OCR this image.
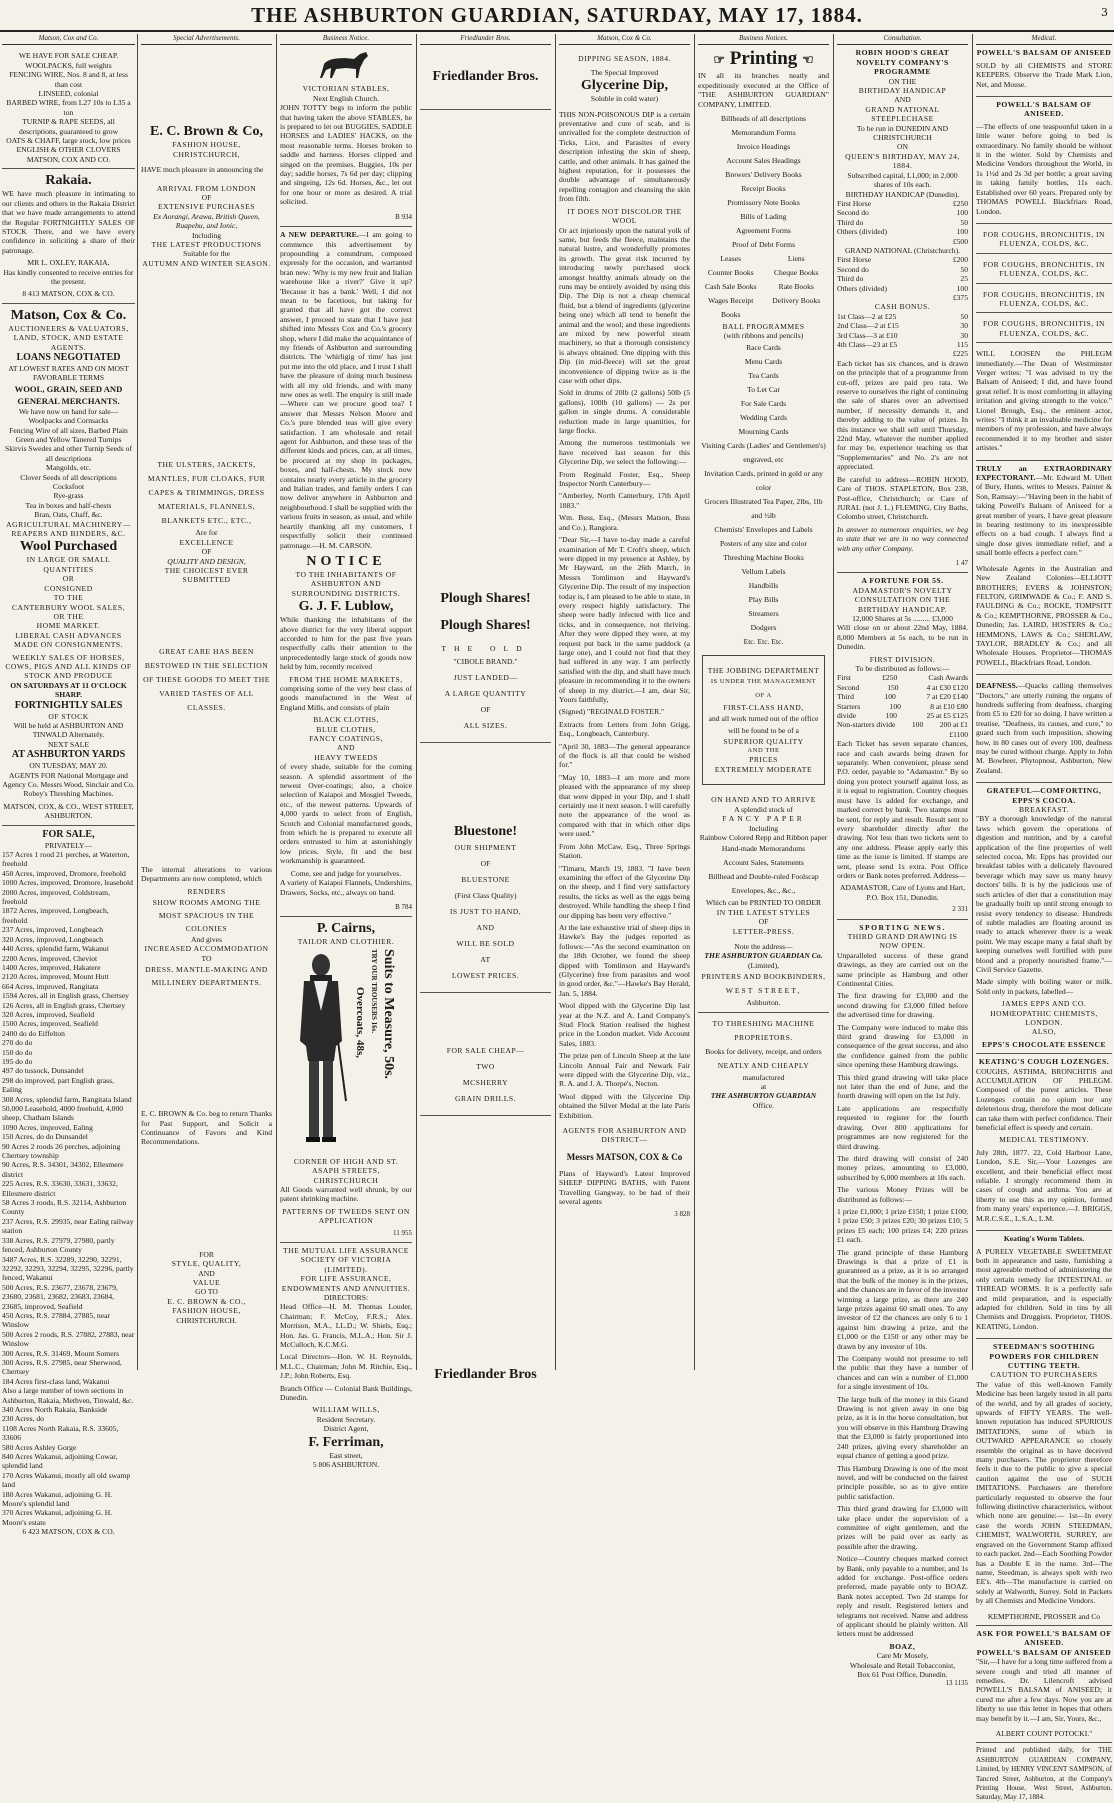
THE ASHBURTON GUARDIAN, SATURDAY, MAY 17, 1884.	3
Matson, Cox and Co.
WE HAVE FOR SALE CHEAP.
WOOLPACKS, full weights
FENCING WIRE, Nos. 8 and 8, at less than cost
LINSEED, colonial
BARBED WIRE, from L27 10s to L35 a ton
TURNIP & RAPE SEEDS, all descriptions, guaranteed to grow
OATS & CHAFF, large stock, low prices
ENGLISH & OTHER CLOVERS
MATSON, COX AND CO.
Rakaia.

WE have much pleasure in intimating to our clients and others in the Rakaia District that we have made arrangements to attend the Regular FORTNIGHTLY SALES OF STOCK There, and we have every confidence in soliciting a share of their patronage.

MR L. OXLEY, RAKAIA,
Has kindly consented to receive entries for the present.
8 413 MATSON, COX & CO.
Matson, Cox & Co.
AUCTIONEERS & VALUATORS, LAND, STOCK, AND ESTATE AGENTS.
LOANS NEGOTIATED
AT LOWEST RATES AND ON MOST FAVORABLE TERMS
WOOL, GRAIN, SEED AND GENERAL MERCHANTS.
We have now on hand for sale—
Woolpacks and Cornsacks
Fencing Wire of all sizes, Barbed Plain
Green and Yellow Tanered Turnips
Skirvis Swedes and other Turnip Seeds of all descriptions
Mangolds, etc.
Clover Seeds of all descriptions
Cocksfoot
Rye-grass
Tea in boxes and half-chests
Bran, Oats, Chaff, &c.
AGRICULTURAL MACHINERY—REAPERS AND BINDERS, &C.
Wool Purchased
IN LARGE OR SMALL QUANTITIES
OR
CONSIGNED
TO THE
CANTERBURY WOOL SALES,
OR THE
HOME MARKET.
LIBERAL CASH ADVANCES MADE ON CONSIGNMENTS.
WEEKLY SALES OF HORSES, COWS, PIGS AND ALL KINDS OF STOCK AND PRODUCE
ON SATURDAYS AT 11 O'CLOCK SHARP.
FORTNIGHTLY SALES
OF STOCK
Will be held at ASHBURTON AND TINWALD Alternately.
NEXT SALE
AT ASHBURTON YARDS
ON TUESDAY, MAY 20.
AGENTS FOR National Mortgage and Agency Co. Messrs Wood, Sinclair and Co. Robey's Threshing Machines.
MATSON, COX, & CO., WEST STREET, ASHBURTON.
FOR SALE,
PRIVATELY—
157 Acres 1 rood 21 perches, at Waterton, freehold
450 Acres, improved, Dromore, freehold
1000 Acres, improved, Dromore, leasehold
2000 Acres, improved, Coldstream, freehold
1872 Acres, improved, Longbeach, freehold
237 Acres, improved, Longbeach
320 Acres, improved, Longbeach
440 Acres, splendid farm, Wakanui
2200 Acres, improved, Cheviot
1400 Acres, improved, Hakatere
2120 Acres, improved, Mount Hutt
664 Acres, improved, Rangitata
1594 Acres, all in English grass, Chertsey
126 Acres, all in English grass, Chertsey
320 Acres, improved, Seafield
1500 Acres, improved, Seafield
2400 do do Eiffelton
270 do do
150 do do
195 do do
497 do tussock, Dunsandel
298 do improved, part English grass, Ealing
308 Acres, splendid farm, Rangitata Island
50,000 Leasehold, 4000 freehold, 4,000 sheep, Chatham Islands
1090 Acres, improved, Ealing
150 Acres, do do Dunsandel
90 Acres 2 roods 26 perches, adjoining Chertsey township
90 Acres, R.S. 34301, 34302, Ellesmere district
225 Acres, R.S. 33630, 33631, 33632, Ellesmere district
58 Acres 3 roods, R.S. 32114, Ashburton County
237 Acres, R.S. 29935, near Ealing railway station
338 Acres, R.S. 27979, 27980, partly fenced, Ashburton County
3487 Acres, R.S. 32289, 32290, 32291, 32292, 32293, 32294, 32295, 32296, partly fenced, Wakanui
500 Acres, R.S. 23677, 23678, 23679, 23680, 23681, 23682, 23683, 23684, 23685, improved, Seafield
450 Acres, R.S. 27884, 27885, near Winslow
500 Acres 2 roods, R.S. 27882, 27883, near Winslow
300 Acres, R.S. 31469, Mount Somers
300 Acres, R.S. 27985, near Sherwood, Chertsey
184 Acres first-class land, Wakanui
Also a large number of town sections in Ashburton, Rakaia, Methven, Tinwald, &c.
340 Acres North Rakaia, Bankside
230 Acres, do
1108 Acres North Rakaia, R.S. 33605, 33606
580 Acres Ashley Gorge
840 Acres Wakanui, adjoining Cowar, splendid land
170 Acres Wakanui, mostly all old swamp land
180 Acres Wakanui, adjoining G. H. Moore's splendid land
370 Acres Wakanui, adjoining G. H. Moore's estate
6 423 MATSON, COX & CO.
Special Advertisements.
E. C. Brown & Co,
FASHION HOUSE,
CHRISTCHURCH,

HAVE much pleasure in announcing the

ARRIVAL FROM LONDON
OF
EXTENSIVE PURCHASES
Ex Aorangi, Arawa, British Queen, Ruapehu, and Ionic,
Including
THE LATEST PRODUCTIONS
Suitable for the
AUTUMN AND WINTER SEASON.
THE ULSTERS, JACKETS, MANTLES, FUR CLOAKS, FUR CAPES & TRIMMINGS, DRESS MATERIALS, FLANNELS, BLANKETS ETC., ETC.,
Are for
EXCELLENCE
OF
QUALITY AND DESIGN,
THE CHOICEST EVER SUBMITTED
GREAT CARE HAS BEEN BESTOWED IN THE SELECTION OF THESE GOODS TO MEET THE VARIED TASTES OF ALL CLASSES.

The internal alterations to various Departments are now completed, which

RENDERS
SHOW ROOMS AMONG THE MOST SPACIOUS IN THE COLONIES
And gives
INCREASED ACCOMMODATION
TO
DRESS, MANTLE-MAKING AND MILLINERY DEPARTMENTS.

E. C. BROWN & Co. beg to return Thanks for Past Support, and Solicit a Continuance of Favors and Kind Recommendations.

FOR
STYLE, QUALITY,
AND
VALUE
GO TO
E. C. BROWN & CO.,
FASHION HOUSE,
CHRISTCHURCH.
Business Notice.
VICTORIAN STABLES,
Next English Church.

JOHN TOTTY begs to inform the public that having taken the above STABLES, he is prepared to let out BUGGIES, SADDLE HORSES and LADIES' HACKS, on the most reasonable terms. Horses broken to saddle and harness. Horses clipped and singed on the premises. Buggies, 10s per day; saddle horses, 7s 6d per day; clipping and singeing, 12s 6d. Horses, &c., let out for one hour or more as desired. A trial solicited.

B 934

A NEW DEPARTURE.—I am going to commence this advertisement by propounding a conundrum, composed expressly for the occasion, and warranted bran new: 'Why is my new fruit and Italian warehouse like a river?' Give it up? 'Because it has a bank.' Well, I did not mean to be facetious, but taking for granted that all have got the correct answer, I proceed to state that I have just shifted into Messrs Cox and Co.'s grocery shop, where I did make the acquaintance of my friends of Ashburton and surrounding districts. The 'whirligig of time' has just put me into the old place, and I trust I shall have the pleasure of doing much business with all my old friends, and with many new ones as well. The enquiry is still made—Where can we procure good tea? I answer that Messrs Nelson Moore and Co.'s pure blended teas will give every satisfaction. I am wholesale and retail agent for Ashburton, and these teas of the different kinds and prices, can, at all times, be procured at my shop in packages, boxes, and half-chests. My stock now contains nearly every article in the grocery and Italian trades, and family orders I can now deliver anywhere in Ashburton and neighbourhood. I shall be supplied with the various fruits in season, as usual, and while heartily thanking all my customers, I respectfully solicit their continued patronage.—H. M. CARSON.

NOTICE
TO THE INHABITANTS OF ASHBURTON AND SURROUNDING DISTRICTS.
G. J. F. Lublow,

While thanking the inhabitants of the above district for the very liberal support accorded to him for the past five years respectfully calls their attention to the unprecedentedly large stock of goods now held by him, recently received

FROM THE HOME MARKETS,

comprising some of the very best class of goods manufactured in the West of England Mills, and consists of plain

BLACK CLOTHS,
BLUE CLOTHS,
FANCY COATINGS,
AND
HEAVY TWEEDS

of every shade, suitable for the coming season. A splendid assortment of the newest Over-coatings; also, a choice selection of Kaiapoi and Mosgiel Tweeds, etc., of the newest patterns. Upwards of 4,000 yards to select from of English, Scotch and Colonial manufactured goods, from which he is prepared to execute all orders entrusted to him at astonishingly low prices. Style, fit and the best workmanship is guaranteed.

Come, see and judge for yourselves.

A variety of Kaiapoi Flannels, Undershirts, Drawers, Socks, etc., always on hand.

B 784
P. Cairns,
TAILOR AND CLOTHIER.
Suits to Measure, 50s.
TRY OUR TROUSERS 16s.
Overcoats, 48s,
CORNER OF HIGH AND ST. ASAPH STREETS,
CHRISTCHURCH

All Goods warranted well shrunk, by our patent shrinking machine.

PATTERNS OF TWEEDS SENT ON APPLICATION
11 955
THE MUTUAL LIFE ASSURANCE SOCIETY OF VICTORIA (LIMITED).
FOR LIFE ASSURANCE, ENDOWMENTS AND ANNUITIES.
DIRECTORS:

Head Office—H. M. Thomas Louder, Chairman; F. McCoy, F.R.S.; Alex. Morrison, M.A., LL.D.; W. Shiels, Esq.; Hon. Jas. G. Francis, M.L.A.; Hon. Sir J. McCulloch, K.C.M.G.

Local Directors—Hon. W. H. Reynolds, M.L.C., Chairman; John M. Ritchie, Esq., J.P.; John Roberts, Esq.

Branch Office — Colonial Bank Buildings, Dunedin.

WILLIAM WILLS,
Resident Secretary.
District Agent,
F. Ferriman,
East street,
5 806 ASHBURTON.
Friedlander Bros.
Friedlander Bros.
Plough Shares!
Plough Shares!
THE OLD
"CIBOLE BRAND."
JUST LANDED—
A LARGE QUANTITY
OF
ALL SIZES.
Bluestone!
OUR SHIPMENT
OF
BLUESTONE
(First Class Quality)
IS JUST TO HAND,
AND
WILL BE SOLD
AT
LOWEST PRICES.
FOR SALE CHEAP—
TWO
MCSHERRY
GRAIN DRILLS.
Friedlander Bros
Matson, Cox & Co.
DIPPING SEASON, 1884.
The Special Improved
Glycerine Dip,
Soluble in cold water)

THIS NON-POISONOUS DIP is a certain preventative and cure of scab, and is unrivalled for the complete destruction of Ticks, Lice, and Parasites of every description infesting the skin of sheep, cattle, and other animals. It has gained the highest reputation, for it possesses the double advantage of simultaneously repelling contagion and cleansing the skin from filth.

IT DOES NOT DISCOLOR THE WOOL

Or act injuriously upon the natural yolk of same, but feeds the fleece, maintains the natural lustre, and wonderfully promotes its growth. The great risk incurred by introducing newly purchased stock amongst healthy animals already on the runs may be entirely avoided by using this Dip. The Dip is not a cheap chemical fluid, but a blend of ingredients (glycerine being one) which all tend to benefit the animal and the wool; and these ingredients are mixed by new powerful steam machinery, so that a thorough consistency is always obtained. One dipping with this Dip (in mid-fleece) will set the great inconvenience of dipping twice as is the case with other dips.

Sold in drums of 20lb (2 gallons) 50lb (5 gallons), 100lb (10 gallons) — 2s per gallon in single drums. A considerable reduction made in large quantities, for large flocks.

Among the numerous testimonials we have received last season for this Glycerine Dip, we select the following:—

From Reginald Foster, Esq., Sheep Inspector North Canterbury—

"Amberley, North Canterbury, 17th April 1883."

Wm. Buss, Esq., (Messrs Matson, Buss and Co.), Rangiora.

"Dear Sir,—I have to-day made a careful examination of Mr T. Croft's sheep, which were dipped in my presence at Ashley, by Mr Hayward, on the 26th March, in Messrs Tomlinson and Hayward's Glycerine Dip. The result of my inspection today is, I am pleased to be able to state, in every respect highly satisfactory. The sheep were badly infected with lice and ticks, and in consequence, not thriving. After they were dipped they were, at my request put back in the same paddock (a large one), and I could not find that they had suffered in any way. I am perfectly satisfied with the dip, and shall have much pleasure in recommending it to the owners of sheep in my district.—I am, dear Sir, Yours faithfully,

(Signed) "REGINALD FOSTER."

Extracts from Letters from John Grigg, Esq., Longbeach, Canterbury.

"April 30, 1883—The general appearance of the flock is all that could be wished for."

"May 10, 1883—I am more and more pleased with the appearance of my sheep that were dipped in your Dip, and I shall certainly use it next season. I will carefully note the appearance of the wool as compared with that in which other dips were used."

From John McCaw, Esq., Three Springs Station.

"Timaru, March 19, 1883. "I have been examining the effect of the Glycerine Dip on the sheep, and I find very satisfactory results, the ticks as well as the eggs being destroyed. While handling the sheep I find our dipping has been very effective."

At the late exhaustive trial of sheep dips in Hawke's Bay the judges reported as follows:—"As the second examination on the 18th October, we found the sheep dipped with Tomlinson and Hayward's (Glycerine) free from parasites and wool in good order, &c."—Hawke's Bay Herald, Jan. 5, 1884.

Wool dipped with the Glycerine Dip last year at the N.Z. and A. Land Company's Stud Flock Station realised the highest price in the London market. Vide Account Sales, 1883.

The prize pen of Lincoln Sheep at the late Lincoln Annual Fair and Newark Fair were dipped with the Glycerine Dip, viz., R. A. and J. A. Thorpe's, Necton.

Wool dipped with the Glycerine Dip obtained the Silver Medal at the late Paris Exhibition.

AGENTS FOR ASHBURTON AND DISTRICT—
Messrs MATSON, COX & Co

Plans of Hayward's Latest Improved SHEEP DIPPING BATHS, with Patent Travelling Gangway, to be had of their several agents

3 828
Business Notices.
☞ Printing ☜

IN all its branches neatly and expeditiously executed at the Office of "THE ASHBURTON GUARDIAN" COMPANY, LIMITED.

Billheads of all descriptions
Memorandum Forms
Invoice Headings
Account Sales Headings
Brewers' Delivery Books
Receipt Books
Promissory Note Books
Bills of Lading
Agreement Forms
Proof of Debt Forms
Leases	Liens
Counter Books	Cheque Books
Cash Sale Books	Rate Books
Wages Receipt Books
Delivery Books
BALL PROGRAMMES
(with ribbons and pencils)
Race Cards
Menu Cards
Tea Cards
To Let Car
For Sale Cards
Wedding Cards
Mourning Cards
Visiting Cards (Ladies' and Gentlemen's)
engraved, etc
Invitation Cards, printed in gold or any color
Grocers Illustrated Tea Paper, 2lbs, 1lb and ½lb
Chemists' Envelopes and Labels
Posters of any size and color
Threshing Machine Books
Vellum Labels
Handbills
Play Bills
Streamers
Dodgers
Etc. Etc. Etc.
THE JOBBING DEPARTMENT
IS UNDER THE MANAGEMENT OF A
FIRST-CLASS HAND,
and all work turned out of the office will be found to be of a
SUPERIOR QUALITY
AND THE
PRICES
EXTREMELY MODERATE
ON HAND AND TO ARRIVE
A splendid stock of
FANCY PAPER
Including
Rainbow Colored Repp and Ribbon paper
Hand-made Memorandums
Account Sales, Statements
Billhead and Double-ruled Foolscap
Envelopes, &c., &c.,
Which can be PRINTED TO ORDER
IN THE LATEST STYLES
OF
LETTER-PRESS.
Note the address—
THE ASHBURTON GUARDIAN Co.
(Limited),
PRINTERS AND BOOKBINDERS,
WEST STREET,
Ashburton.
TO THRESHING MACHINE PROPRIETORS.
Books for delivery, receipt, and orders
NEATLY AND CHEAPLY
manufactured
at
THE ASHBURTON GUARDIAN
Office.
Consultation.
ROBIN HOOD'S GREAT NOVELTY COMPANY'S PROGRAMME
ON THE
BIRTHDAY HANDICAP
AND
GRAND NATIONAL STEEPLECHASE
To be run in DUNEDIN AND CHRISTCHURCH
ON
QUEEN'S BIRTHDAY, MAY 24, 1884.
Subscribed capital, L1,000; in 2,000 shares of 10s each.
BIRTHDAY HANDICAP (Dunedin).
First Horse	£250
Second do	100
Third do	50
Others (divided)	100
£500
GRAND NATIONAL (Christchurch).
First Horse	£200
Second do	50
Third do	25
Others (divided)	100
£375
CASH BONUS.
1st Class—2 at £25	50
2nd Class—2 at £15	30
3rd Class—3 at £10	30
4th Class—23 at £5	115
£225

Each ticket has six chances, and is drawn on the principle that of a programme from cut-off, prizes are paid pro rata. We reserve to ourselves the right of continuing the sale of shares over an advertised number, if necessity demands it, and thereby adding to the value of prizes. In this instance we shall sell until Thursday, 22nd May, whatever the number applied for may be, experience teaching us that "Supplementaries" and No. 2's are not appreciated.

Be careful to address—ROBIN HOOD, Care of THOS. STAPLETON, Box 238, Post-office, Christchurch; or Care of JURAL (not J. L.) FLEMING, City Baths, Colombo street, Christchurch.

In answer to numerous enquiries, we beg to state that we are in no way connected with any other Company.

1 47
A FORTUNE FOR 5S.
ADAMASTOR'S NOVELTY CONSULTATION ON THE BIRTHDAY HANDICAP.
12,000 Shares at 5s ......... £3,000

Will close on or about 22nd May, 1884. 8,000 Members at 5s each, to be run in Dunedin.

FIRST DIVISION.
To be distributed as follows:—
First	£250	Cash Awards
Second	150	4 at £30 £120
Third	100	7 at £20 £140
Starters	100	8 at £10 £80
divide	100	25 at £5 £125
Non-starters divide 100 200 at £1
£1100

Each Ticket has seven separate chances, race and cash awards being drawn for separately. When convenient, please send P.O. order, payable to "Adamastor." By so doing you protect yourself against loss, as it is equal to registration. Country cheques must have 1s added for exchange, and marked correct by bank. Two stamps must be sent, for reply and result. Result sent to every shareholder directly after the drawing. Not less than two tickets sent to any one address. Please apply early this time as the issue is limited. If stamps are sent, please send 1s extra. Post Office orders or Bank notes preferred. Address—

ADAMASTOR, Care of Lyons and Hart, P.O. Box 151, Dunedin.
2 331
SPORTING NEWS.
THIRD GRAND DRAWING IS NOW OPEN.

Unparalleled success of these grand drawings, as they are carried out on the same principle as Hamburg and other Continental Cities.

The first drawing for £3,000 and the second drawing for £3,000 filled before the advertised time for drawing.

The Company were induced to make this third grand drawing for £3,000 in consequence of the great success, and also the confidence gained from the public since opening these Hamburg drawings.

This third grand drawing will take place not later than the end of June, and the fourth drawing will open on the 1st July.

Late applications are respectfully requested to register for the fourth drawing. Over 800 applications for programmes are now registered for the third drawing.

The third drawing will consist of 240 money prizes, amounting to £3,000, subscribed by 6,000 members at 10s each.

The various Money Prizes will be distributed as follows:—

1 prize £1,000; 1 prize £150; 1 prize £100; 1 prize £50; 3 prizes £20; 30 prizes £10; 5 prizes £5 each; 100 prizes £4; 220 prizes £1 each.

The grand principle of these Hamburg Drawings is that a prize of £1 is guaranteed as a prize, as it is so arranged that the bulk of the money is in the prizes, and the chances are in favor of the investor winning a large prize, as there are 240 large prizes against 60 small ones. To any investor of £2 the chances are only 6 to 1 against him drawing a prize, and the £1,000 or the £150 or any other may be drawn by any investor of 10s.

The Company would not presume to tell the public that they have a number of chances and can win a number of £1,000 for a single investment of 10s.

The large bulk of the money in this Grand Drawing is not given away in one big prize, as it is in the horse consultation, but you will observe in this Hamburg Drawing that the £3,000 is fairly proportioned into 240 prizes, giving every shareholder an equal chance of getting a good prize.

This Hamburg Drawing is one of the most novel, and will be conducted on the fairest principle possible, so as to give entire public satisfaction.

This third grand drawing for £3,000 will take place under the supervision of a committee of eight gentlemen, and the prizes will be paid over as early as possible after the drawing.

Notice—Country cheques marked correct by Bank, only payable to a number, and 1s added for exchange. Post-office orders preferred, made payable only to BOAZ. Bank notes accepted. Two 2d stamps for reply and result. Registered letters and telegrams not received. Name and address of applicant should be plainly written. All letters must be addressed

BOAZ,
Care Mr Mosely,
Wholesale and Retail Tobacconist,
Box 61 Post Office, Dunedin.
13 1135
Medical.
POWELL'S BALSAM OF ANISEED

SOLD by all CHEMISTS and STORE KEEPERS. Observe the Trade Mark Lion, Net, and Mouse.

POWELL'S BALSAM OF ANISEED.

—The effects of one teaspoonful taken in a little water before going to bed is extraordinary. No family should be without it in the winter. Sold by Chemists and Medicine Vendors throughout the World, in 1s 1½d and 2s 3d per bottle; a great saving in taking family bottles, 11s each. Established over 60 years. Prepared only by THOMAS POWELL Blackfriars Road, London.

FOR COUGHS, BRONCHITIS, IN FLUENZA, COLDS, &C.
FOR COUGHS, BRONCHITIS, IN FLUENZA, COLDS, &C.
FOR COUGHS, BRONCHITIS, IN FLUENZA, COLDS, &C.
FOR COUGHS, BRONCHITIS, IN FLUENZA, COLDS, &C.

WILL LOOSEN the PHLEGM immediately.—The Dean of Westminster Verger writes: "I was advised to try the Balsam of Aniseed; I did, and have found great relief. It is most comforting in allaying irritation and giving strength to the voice." Lionel Brough, Esq., the eminent actor, writes: "I think it an invaluable medicine for members of my profession, and have always recommended it to my brother and sister artistes."

TRULY an EXTRAORDINARY EXPECTORANT.—Mr. Edward M. Ullett of Bury, Hunts, writes to Messrs. Painter & Son, Ramsay:—"Having been in the habit of taking Powell's Balsam of Aniseed for a great number of years, I have great pleasure in bearing testimony to its inexpressible effects on a bad cough. I always find a single dose gives immediate relief, and a small bottle effects a perfect cure."

Wholesale Agents in the Australian and New Zealand Colonies—ELLIOTT BROTHERS; EVERS & JOHNSTON; FELTON, GRIMWADE & Co.; F. AND S. FAULDING & Co.; ROCKE, TOMPSITT & Co.; KEMPTHORNE, PROSSER & Co., Dunedin; Jas. LAIRD, HOSTERS & Co.; HEMMONS, LAWS & Co.; SHERLAW, TAYLOR, BRADLEY & Co.; and all Wholesale Houses. Proprietor—THOMAS POWELL, Blackfriars Road, London.

DEAFNESS.—Quacks calling themselves "Doctors," are utterly ruining the organs of hundreds suffering from deafness, charging from £5 to £20 for so doing. I have written a treatise, "Deafness, its causes, and cure," to guard such from such imposition, showing how, in 80 cases out of every 100, deafness may be cured without charge. Apply to John M. Bowbeer, Phytopnost, Ashburton, New Zealand.

GRATEFUL—COMFORTING,
EPPS'S COCOA.
BREAKFAST.

"BY a thorough knowledge of the natural laws which govern the operations of digestion and nutrition, and by a careful application of the fine properties of well selected cocoa, Mr. Epps has provided our breakfast tables with a delicately flavoured beverage which may save us many heavy doctors' bills. It is by the judicious use of such articles of diet that a constitution may be gradually built up until strong enough to resist every tendency to disease. Hundreds of subtle maladies are floating around us ready to attack wherever there is a weak point. We may escape many a fatal shaft by keeping ourselves well fortified with pure blood and a properly nourished frame."—Civil Service Gazette.

Made simply with boiling water or milk. Sold only in packets, labelled—

JAMES EPPS AND CO. HOMŒOPATHIC CHEMISTS, LONDON.
ALSO,
EPPS'S CHOCOLATE ESSENCE
KEATING'S COUGH LOZENGES.

COUGHS, ASTHMA, BRONCHITIS and ACCUMULATION OF PHLEGM. Composed of the purest articles. These Lozenges contain no opium nor any deleterious drug, therefore the most delicate can take them with perfect confidence. Their beneficial effect is speedy and certain.

MEDICAL TESTIMONY.

July 28th, 1877. 22, Cold Harbour Lane, London, S.E. Sir,—Your Lozenges are excellent, and their beneficial effect most reliable. I strongly recommend them in cases of cough and asthma. You are at liberty to use this as my opinion, formed from many years' experience.—J. BRIGGS, M.R.C.S.E., L.S.A., L.M.

Keating's Worm Tablets.

A PURELY VEGETABLE SWEETMEAT both in appearance and taste, furnishing a most agreeable method of administering the only certain remedy for INTESTINAL or THREAD WORMS. It is a perfectly safe and mild preparation, and is especially adapted for children. Sold in tins by all Chemists and Druggists. Proprietor, THOS. KEATING, London.

STEEDMAN'S SOOTHING POWDERS FOR CHILDREN CUTTING TEETH.
CAUTION TO PURCHASERS

The value of this well-known Family Medicine has been largely tested in all parts of the world, and by all grades of society, upwards of FIFTY YEARS. The well-known reputation has induced SPURIOUS IMITATIONS, some of which in OUTWARD APPEARANCE so closely resemble the original as to have deceived many purchasers. The proprietor therefore feels it due to the public to give a special caution against the use of SUCH IMITATIONS. Purchasers are therefore particularly requested to observe the four following distinctive characteristics, without which none are genuine:— 1st—In every case the words JOHN STEEDMAN, CHEMIST, WALWORTH, SURREY, are engraved on the Government Stamp affixed to each packet. 2nd—Each Soothing Powder has a Double E in the name. 3rd—The name, Steedman, is always spelt with two EE's. 4th—The manufacture is carried on solely at Walworth, Surrey. Sold in Packets by all Chemists and Medicine Vendors.

KEMPTHORNE, PROSSER and Co
ASK FOR POWELL'S BALSAM OF ANISEED.
POWELL'S BALSAM OF ANISEED

"Sir,—I have for a long time suffered from a severe cough and tried all manner of remedies. Dr. Lilencroft advised POWELL'S BALSAM of ANISEED; it cured me after a few days. Now you are at liberty to use this letter in hopes that others may benefit by it.—I am, Sir, Yours, &c.,

ALBERT COUNT POTOCKI."

Printed and published daily, for THE ASHBURTON GUARDIAN COMPANY, Limited, by HENRY VINCENT SAMPSON, of Tancred Street, Ashburton, at the Company's Printing House, West Street, Ashburton. Saturday, May 17, 1884.
